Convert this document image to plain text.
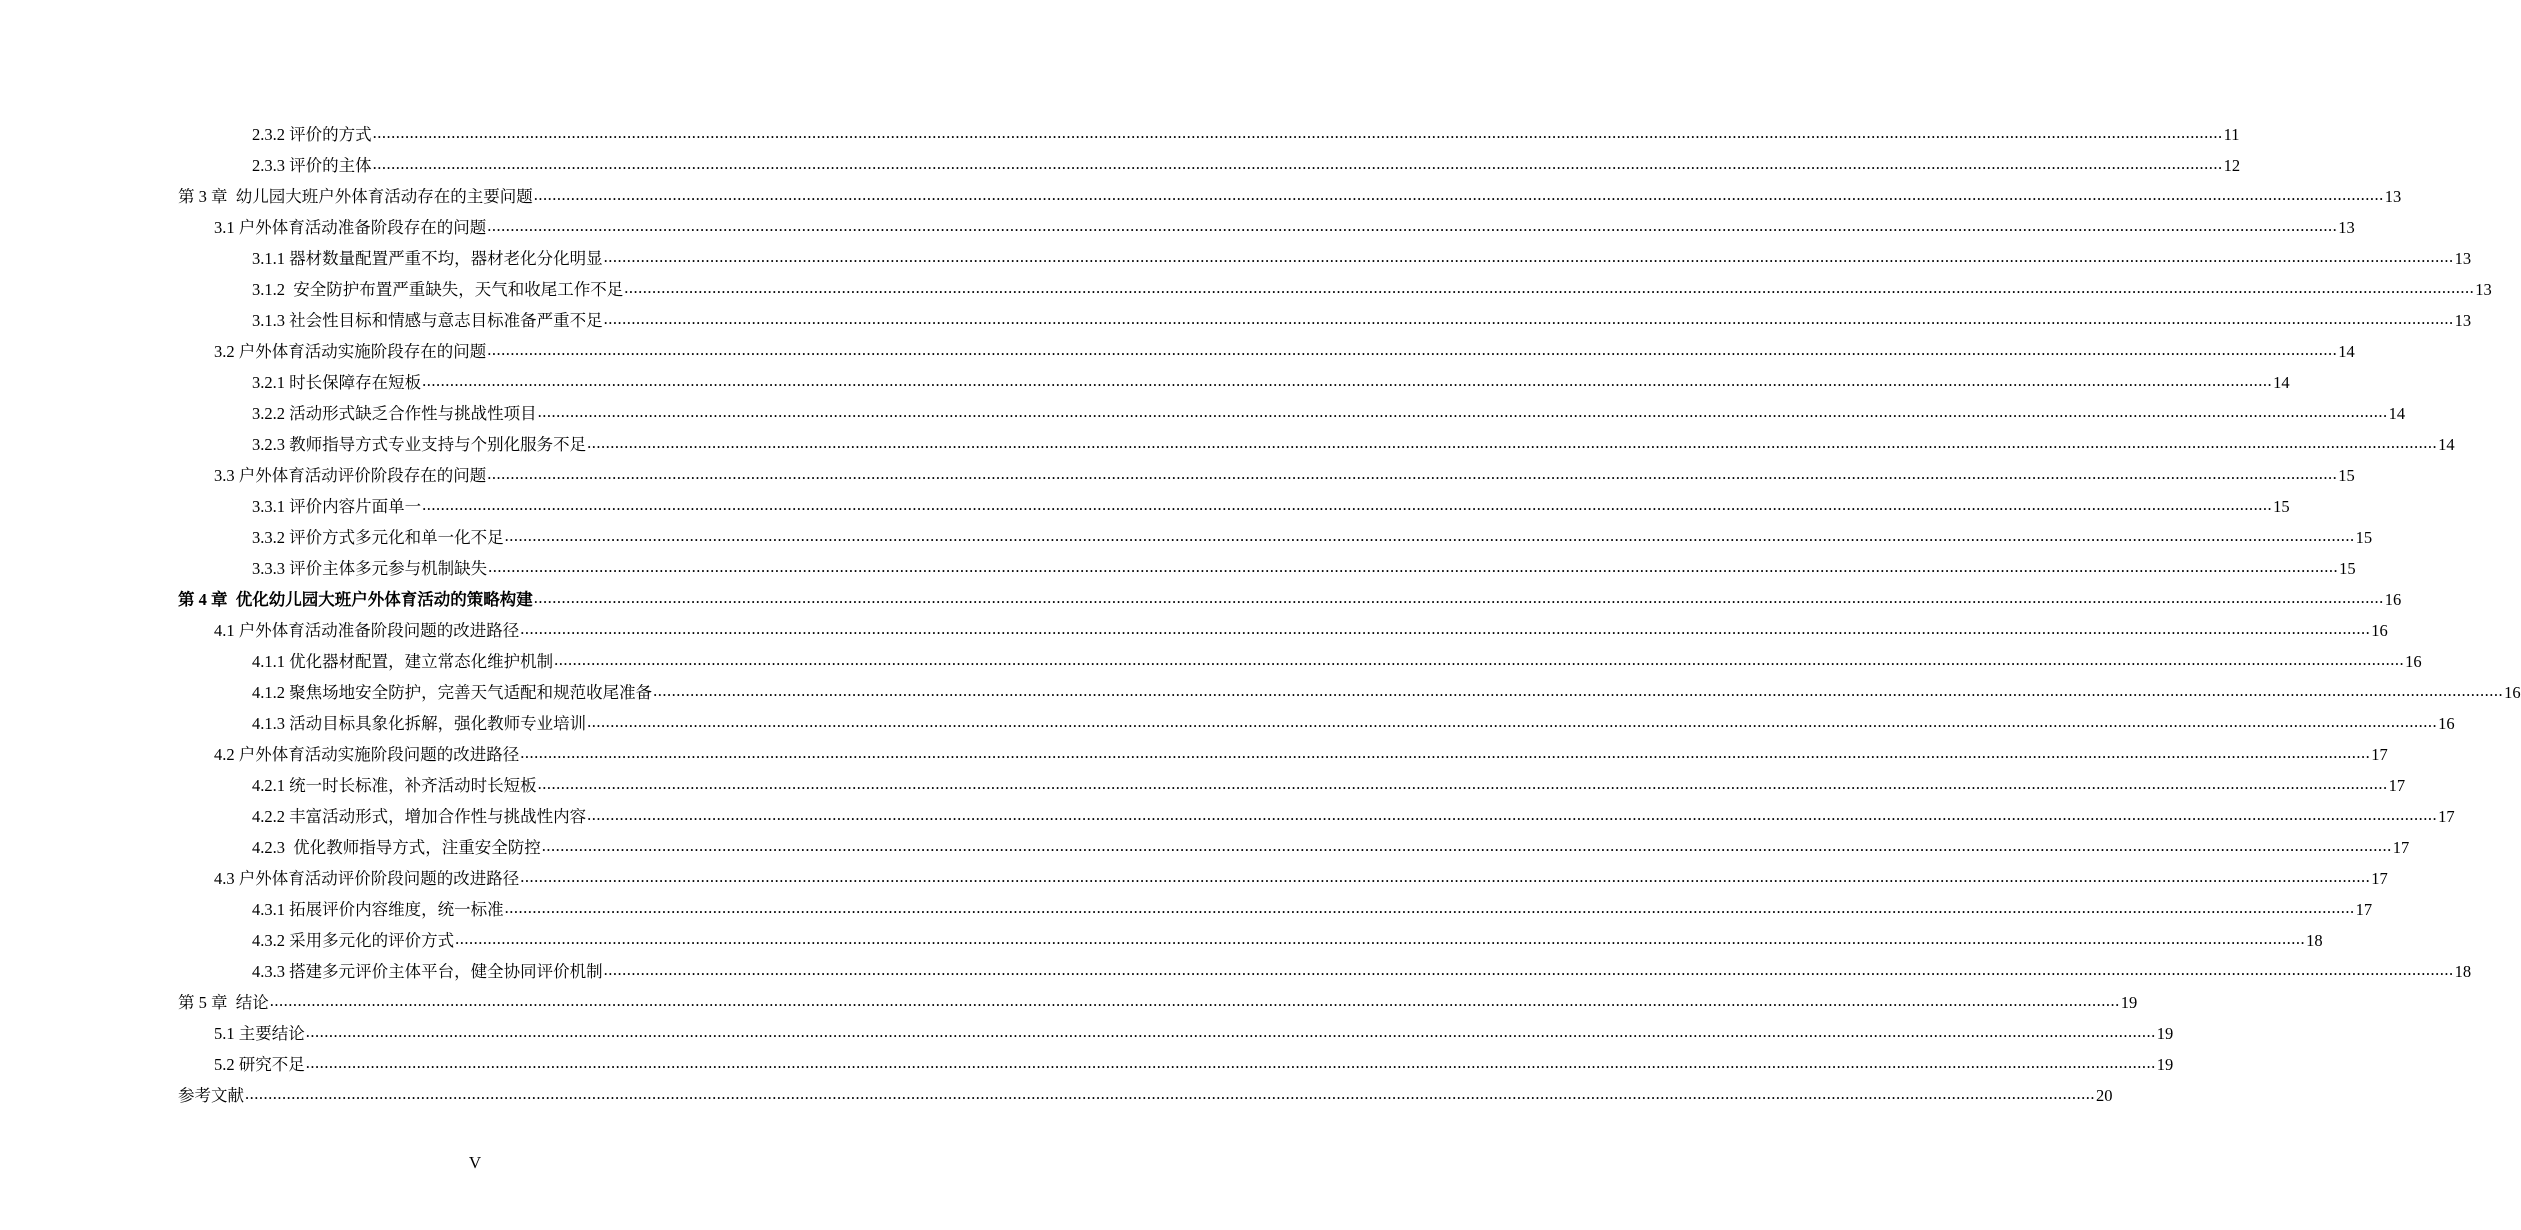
2.3.2 评价的方式 ................................................................................................................................................................................................................................................................................................................................................................................................................ 11
2.3.3 评价的主体 ................................................................................................................................................................................................................................................................................................................................................................................................................ 12
第 3 章  幼儿园大班户外体育活动存在的主要问题 ................................................................................................................................................................................................................................................................................................................................................................................................................ 13
3.1 户外体育活动准备阶段存在的问题 ................................................................................................................................................................................................................................................................................................................................................................................................................ 13
3.1.1 器材数量配置严重不均，器材老化分化明显 ................................................................................................................................................................................................................................................................................................................................................................................................................ 13
3.1.2  安全防护布置严重缺失，天气和收尾工作不足 ................................................................................................................................................................................................................................................................................................................................................................................................................ 13
3.1.3 社会性目标和情感与意志目标准备严重不足 ................................................................................................................................................................................................................................................................................................................................................................................................................ 13
3.2 户外体育活动实施阶段存在的问题 ................................................................................................................................................................................................................................................................................................................................................................................................................ 14
3.2.1 时长保障存在短板 ................................................................................................................................................................................................................................................................................................................................................................................................................ 14
3.2.2 活动形式缺乏合作性与挑战性项目 ................................................................................................................................................................................................................................................................................................................................................................................................................ 14
3.2.3 教师指导方式专业支持与个别化服务不足 ................................................................................................................................................................................................................................................................................................................................................................................................................ 14
3.3 户外体育活动评价阶段存在的问题 ................................................................................................................................................................................................................................................................................................................................................................................................................ 15
3.3.1 评价内容片面单一 ................................................................................................................................................................................................................................................................................................................................................................................................................ 15
3.3.2 评价方式多元化和单一化不足 ................................................................................................................................................................................................................................................................................................................................................................................................................ 15
3.3.3 评价主体多元参与机制缺失 ................................................................................................................................................................................................................................................................................................................................................................................................................ 15
第 4 章  优化幼儿园大班户外体育活动的策略构建 ................................................................................................................................................................................................................................................................................................................................................................................................................ 16
4.1 户外体育活动准备阶段问题的改进路径 ................................................................................................................................................................................................................................................................................................................................................................................................................ 16
4.1.1 优化器材配置，建立常态化维护机制 ................................................................................................................................................................................................................................................................................................................................................................................................................ 16
4.1.2 聚焦场地安全防护，完善天气适配和规范收尾准备 ................................................................................................................................................................................................................................................................................................................................................................................................................ 16
4.1.3 活动目标具象化拆解，强化教师专业培训 ................................................................................................................................................................................................................................................................................................................................................................................................................ 16
4.2 户外体育活动实施阶段问题的改进路径 ................................................................................................................................................................................................................................................................................................................................................................................................................ 17
4.2.1 统一时长标准，补齐活动时长短板 ................................................................................................................................................................................................................................................................................................................................................................................................................ 17
4.2.2 丰富活动形式，增加合作性与挑战性内容 ................................................................................................................................................................................................................................................................................................................................................................................................................ 17
4.2.3  优化教师指导方式，注重安全防控 ................................................................................................................................................................................................................................................................................................................................................................................................................ 17
4.3 户外体育活动评价阶段问题的改进路径 ................................................................................................................................................................................................................................................................................................................................................................................................................ 17
4.3.1 拓展评价内容维度，统一标准 ................................................................................................................................................................................................................................................................................................................................................................................................................ 17
4.3.2 采用多元化的评价方式 ................................................................................................................................................................................................................................................................................................................................................................................................................ 18
4.3.3 搭建多元评价主体平台，健全协同评价机制 ................................................................................................................................................................................................................................................................................................................................................................................................................ 18
第 5 章  结论 ................................................................................................................................................................................................................................................................................................................................................................................................................ 19
5.1 主要结论 ................................................................................................................................................................................................................................................................................................................................................................................................................ 19
5.2 研究不足 ................................................................................................................................................................................................................................................................................................................................................................................................................ 19
参考文献 ................................................................................................................................................................................................................................................................................................................................................................................................................ 20
V
